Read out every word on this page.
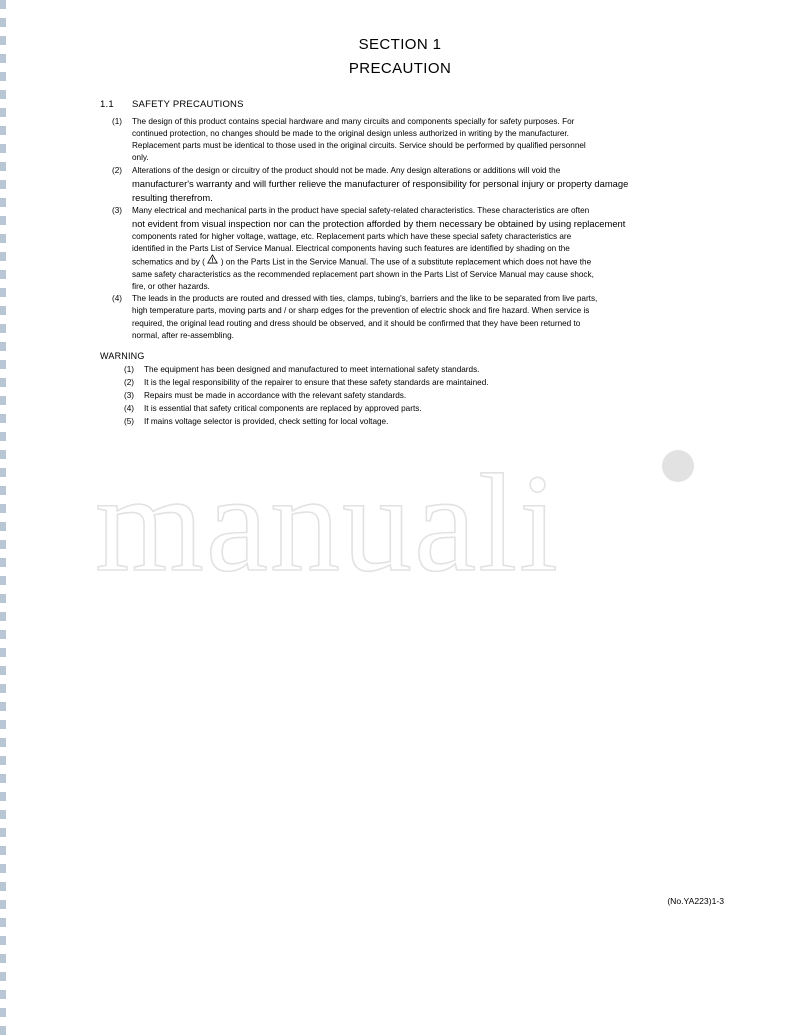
SECTION 1
PRECAUTION
1.1 SAFETY PRECAUTIONS
(1)	The design of this product contains special hardware and many circuits and components specially for safety purposes. For
continued protection, no changes should be made to the original design unless authorized in writing by the manufacturer.
Replacement parts must be identical to those used in the original circuits. Service should be performed by qualified personnel
only.
(2)	Alterations of the design or circuitry of the product should not be made. Any design alterations or additions will void the
manufacturer's warranty and will further relieve the manufacturer of responsibility for personal injury or property damage
resulting therefrom.
(3)	Many electrical and mechanical parts in the product have special safety-related characteristics. These characteristics are often
not evident from visual inspection nor can the protection afforded by them necessary be obtained by using replacement
components rated for higher voltage, wattage, etc. Replacement parts which have these special safety characteristics are
identified in the Parts List of Service Manual. Electrical components having such features are identified by shading on the
schematics and by ( ) on the Parts List in the Service Manual. The use of a substitute replacement which does not have the
same safety characteristics as the recommended replacement part shown in the Parts List of Service Manual may cause shock,
fire, or other hazards.
(4)	The leads in the products are routed and dressed with ties, clamps, tubing's, barriers and the like to be separated from live parts,
high temperature parts, moving parts and / or sharp edges for the prevention of electric shock and fire hazard. When service is
required, the original lead routing and dress should be observed, and it should be confirmed that they have been returned to
normal, after re-assembling.
WARNING
(1)	The equipment has been designed and manufactured to meet international safety standards.
(2)	It is the legal responsibility of the repairer to ensure that these safety standards are maintained.
(3)	Repairs must be made in accordance with the relevant safety standards.
(4)	It is essential that safety critical components are replaced by approved parts.
(5)	If mains voltage selector is provided, check setting for local voltage.
manuali
(No.YA223)1-3
